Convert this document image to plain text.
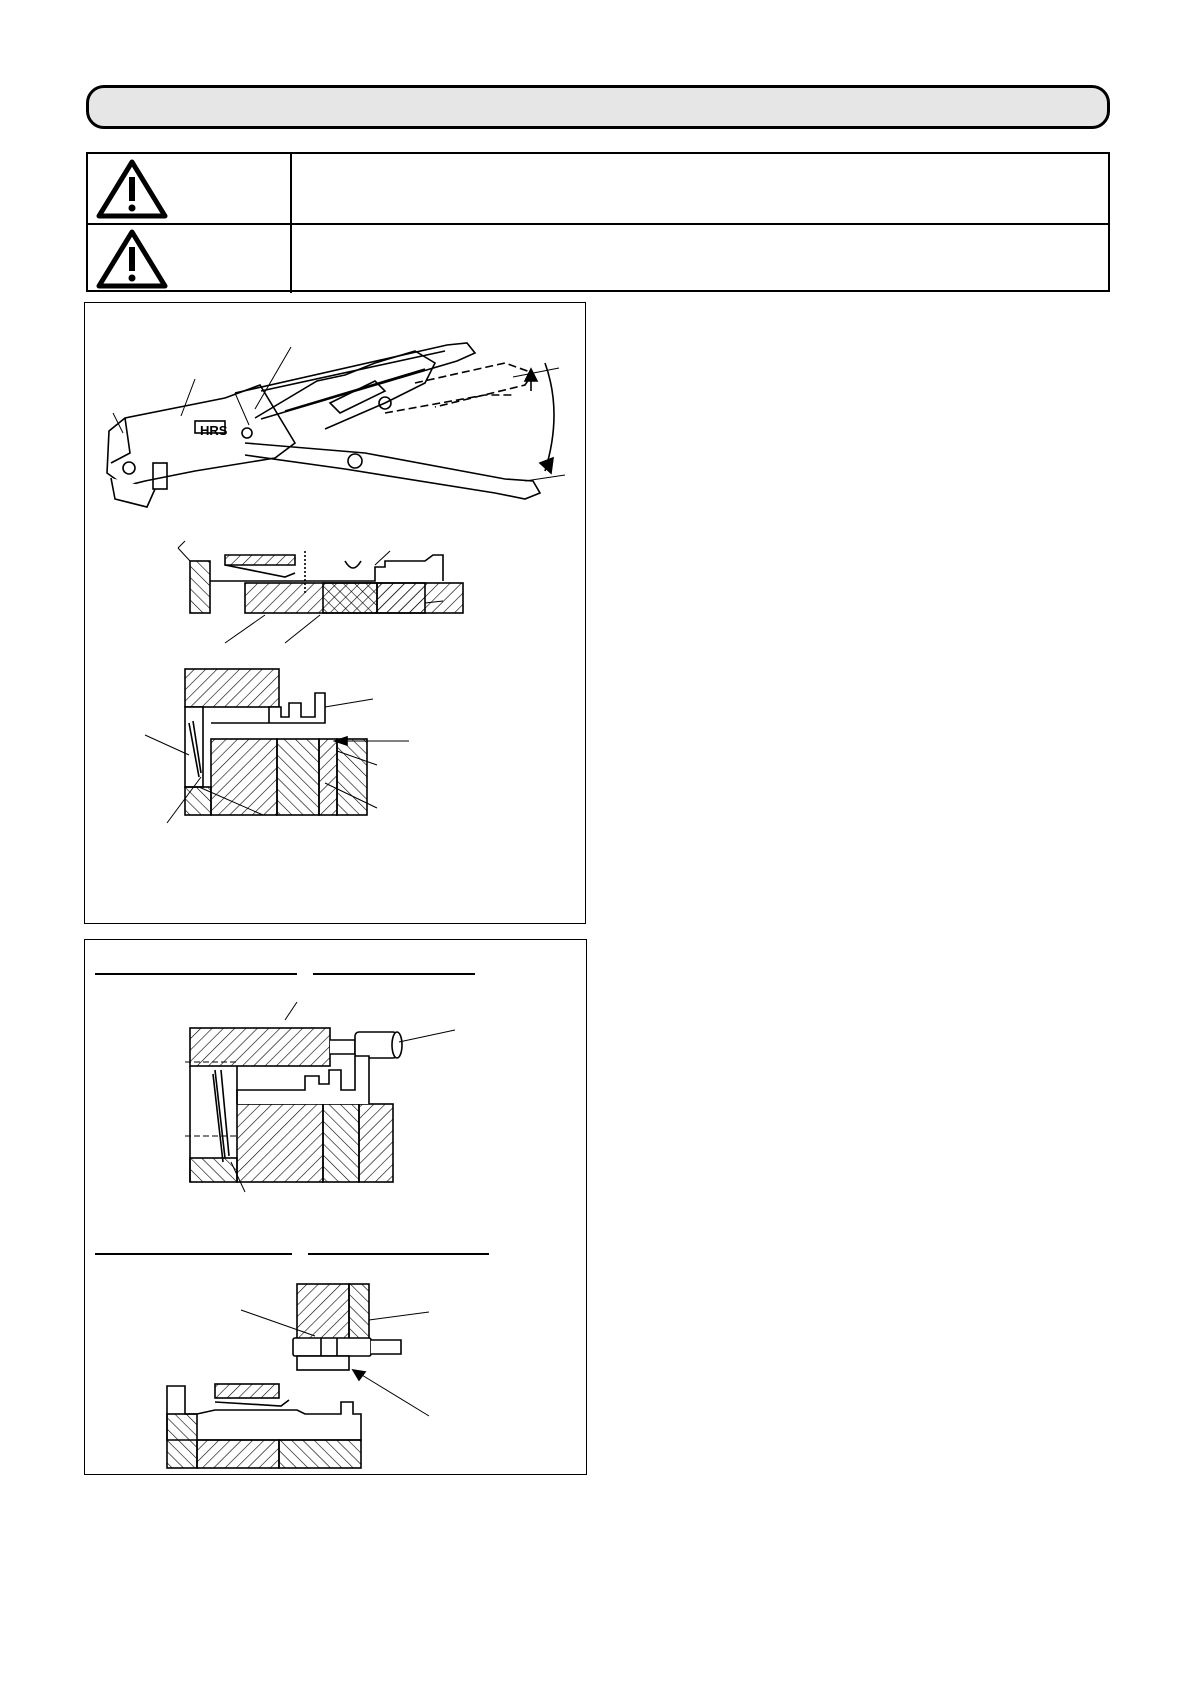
HRS
